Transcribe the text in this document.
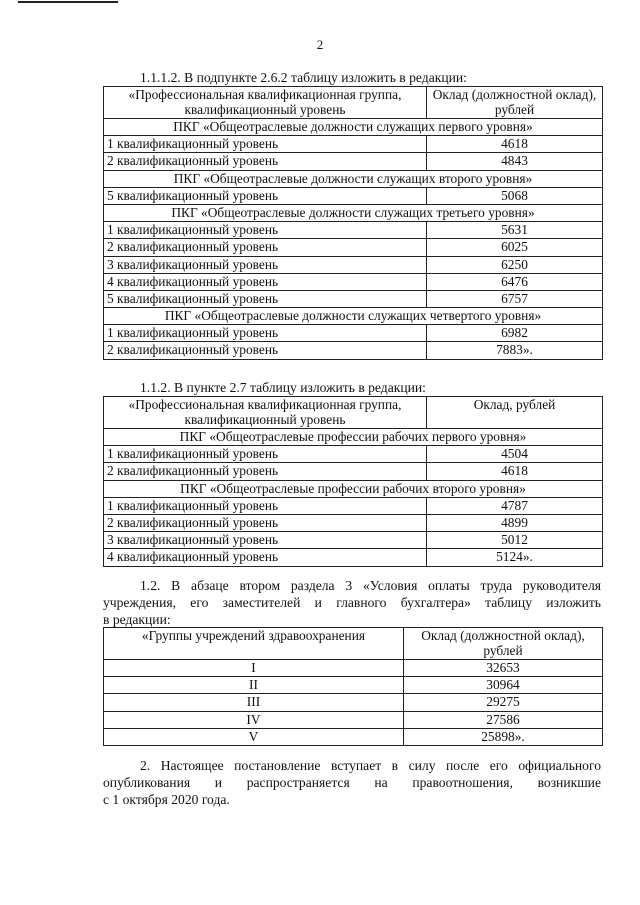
2
1.1.1.2. В подпункте 2.6.2 таблицу изложить в редакции:
«Профессиональная квалификационная группа, квалификационный уровень	Оклад (должностной оклад), рублей
ПКГ «Общеотраслевые должности служащих первого уровня»	
1 квалификационный уровень	4618
2 квалификационный уровень	4843
ПКГ «Общеотраслевые должности служащих второго уровня»	
5 квалификационный уровень	5068
ПКГ «Общеотраслевые должности служащих третьего уровня»	
1 квалификационный уровень	5631
2 квалификационный уровень	6025
3 квалификационный уровень	6250
4 квалификационный уровень	6476
5 квалификационный уровень	6757
ПКГ «Общеотраслевые должности служащих четвертого уровня»	
1 квалификационный уровень	6982
2 квалификационный уровень	7883».
1.1.2. В пункте 2.7 таблицу изложить в редакции:
«Профессиональная квалификационная группа, квалификационный уровень	Оклад, рублей
ПКГ «Общеотраслевые профессии рабочих первого уровня»	
1 квалификационный уровень	4504
2 квалификационный уровень	4618
ПКГ «Общеотраслевые профессии рабочих второго уровня»	
1 квалификационный уровень	4787
2 квалификационный уровень	4899
3 квалификационный уровень	5012
4 квалификационный уровень	5124».
1.2. В абзаце втором раздела 3 «Условия оплаты труда руководителя
учреждения, его заместителей и главного бухгалтера» таблицу изложить
в редакции:
«Группы учреждений здравоохранения	Оклад (должностной оклад), рублей
I	32653
II	30964
III	29275
IV	27586
V	25898».
2. Настоящее постановление вступает в силу после его официального
опубликования и распространяется на правоотношения, возникшие
с 1 октября 2020 года.
